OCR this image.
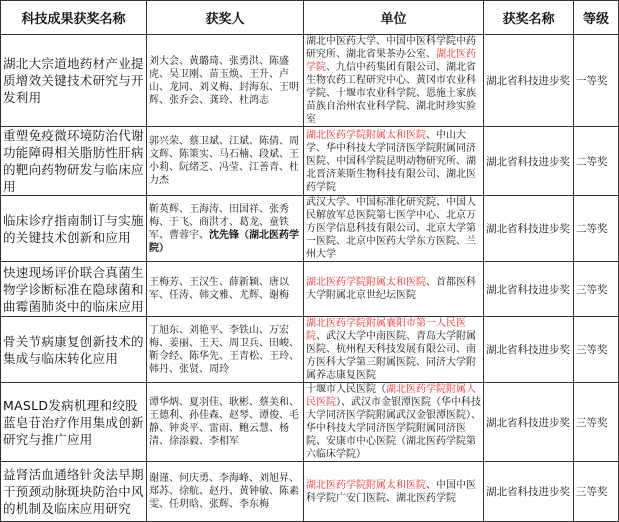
科技成果获奖名称	获奖人	单位	获奖名称	等级
湖北大宗道地药材产业提质增效关键技术研究与开发利用	刘大会、黄璐琦、张勇洪、陈盛虎、吴卫刚、苗玉焕、王升、卢山、龙同、刘义梅、封海东、王明辉、张乔会、龚玲、杜鸿志	湖北中医药大学、中国中医科学院中药研究所、湖北省果茶办公室、湖北医药学院、九信中药集团有限公司、湖北省生物农药工程研究中心、黄冈市农业科学院、十堰市农业科学院、恩施土家族苗族自治州农业科学院、湖北时珍实验室	湖北省科技进步奖	一等奖
重塑免疫微环境防治代谢功能障碍相关脂肪性肝病的靶向药物研发与临床应用	郭兴荣、蔡卫斌、江斌、陈倩、周文辉、陈策实、马石楠、段斌、王小莉、阮绪芝、冯莹、江善青、杜力杰	湖北医药学院附属太和医院、中山大学、华中科技大学同济医学院附属同济医院、中国科学院昆明动物研究所、湖北晋济莱斯生物科技有限公司、湖北医药学院	湖北省科技进步奖	二等奖
临床诊疗指南制订与实施的关键技术创新和应用	靳英辉、王海涛、田国祥、张秀梅、于飞、商洪才、葛龙、童铁军、曹蓉宇、沈先锋（湖北医药学院）	武汉大学、中国标准化研究院、中国人民解放军总医院第七医学中心、北京万方医学信息科技有限公司、北京大学第一医院、北京中医药大学东方医院、兰州大学	湖北省科技进步奖	二等奖
快速现场评价联合真菌生物学诊断标准在隐球菌和曲霉菌肺炎中的临床应用	王梅芳、王汉生、薛新颖、唐以军、任涛、韩文雅、尤辉、谢梅	湖北医药学院附属太和医院、首都医科大学附属北京世纪坛医院	湖北省科技进步奖	三等奖
骨关节病康复创新技术的集成与临床转化应用	丁旭东、刘艳平、李铁山、万宏梅、姜丽、王天、周卫兵、田峻、靳令经、陈华先、王青松、王玲、韩丹、张贤、周玲	湖北医药学院附属襄阳市第一人民医院、武汉大学中南医院、青岛大学附属医院、杭州程天科技发展有限公司、南方医科大学第三附属医院、同济大学附属养志康复医院	湖北省科技进步奖	三等奖
MASLD发病机理和绞股蓝皂苷治疗作用集成创新研究与推广应用	谭华炳、夏羽佳、耿彬、蔡美和、王德利、孙佳森、赵琴、谭俊、毛静、钟炎平、雷雨、鲍云慧、杨清、徐添毅、李相军	十堰市人民医院（湖北医药学院附属人民医院）、武汉市金银潭医院（华中科技大学同济医学院附属武汉金银潭医院）、华中科技大学同济医学院附属同济医院、安康市中心医院（湖北医药学院第六临床学院）	湖北省科技进步奖	三等奖
益肾活血通络针灸法早期干预颈动脉斑块防治中风的机制及临床应用研究	谢谨、何庆勇、李海峰、刘旭昇、郑苏、徐航、赵丹、黄钟敏、陈素雯、任玥晗、张辉、李东梅	湖北医药学院附属太和医院、中国中医科学院广安门医院、湖北医药学院	湖北省科技进步奖	三等奖
